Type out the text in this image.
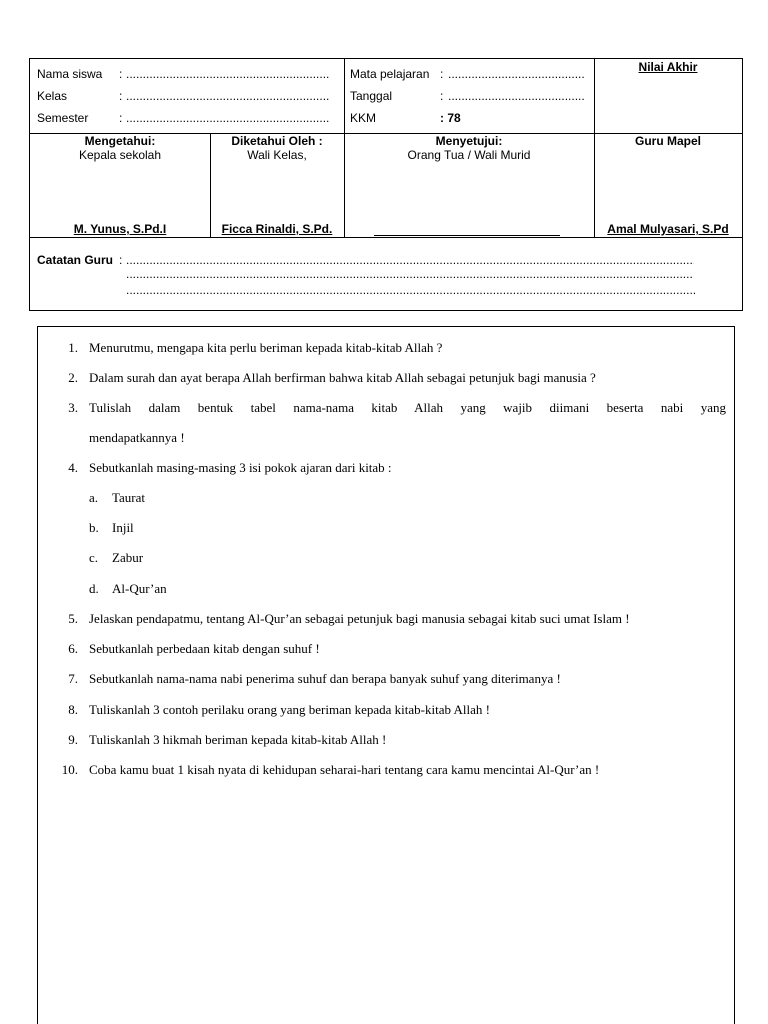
Nama siswa :
.....
Kelas	:
.....
Semester	:
.....
Mata pelajaran :
.....
Tanggal	:
.....
KKM	: 78
Nilai Akhir
Mengetahui:
Kepala sekolah
M. Yunus, S.Pd.I
Diketahui Oleh :
Wali Kelas,
Ficca Rinaldi, S.Pd.
Menyetujui:
Orang Tua / Wali Murid
Guru Mapel
Amal Mulyasari, S.Pd
Catatan Guru :
.....
.....
.....
1. Menurutmu, mengapa kita perlu beriman kepada kitab-kitab Allah ?
2. Dalam surah dan ayat berapa Allah berfirman bahwa kitab Allah sebagai petunjuk bagi manusia ?
3. Tulislah dalam bentuk tabel nama-nama kitab Allah yang wajib diimani beserta nabi yang
mendapatkannya !
4. Sebutkanlah masing-masing 3 isi pokok ajaran dari kitab :
a. Taurat
b. Injil
c. Zabur
d. Al-Qur’an
5. Jelaskan pendapatmu, tentang Al-Qur’an sebagai petunjuk bagi manusia sebagai kitab suci umat Islam !
6. Sebutkanlah perbedaan kitab dengan suhuf !
7. Sebutkanlah nama-nama nabi penerima suhuf dan berapa banyak suhuf yang diterimanya !
8. Tuliskanlah 3 contoh perilaku orang yang beriman kepada kitab-kitab Allah !
9. Tuliskanlah 3 hikmah beriman kepada kitab-kitab Allah !
10. Coba kamu buat 1 kisah nyata di kehidupan seharai-hari tentang cara kamu mencintai Al-Qur’an !
